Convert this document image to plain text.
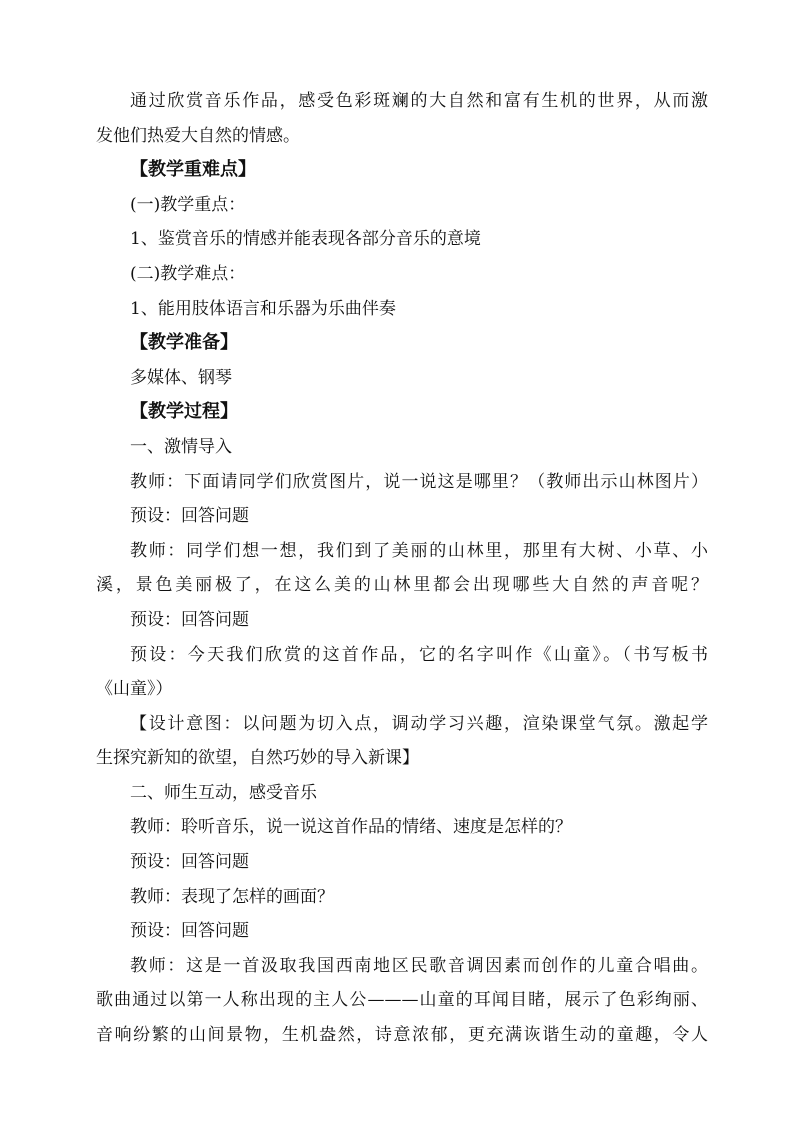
通过欣赏音乐作品，感受色彩斑斓的大自然和富有生机的世界，从而激

发他们热爱大自然的情感。

【教学重难点】

(一)教学重点：

1、鉴赏音乐的情感并能表现各部分音乐的意境

(二)教学难点：

1、能用肢体语言和乐器为乐曲伴奏

【教学准备】

多媒体、钢琴

【教学过程】

一、激情导入

教师：下面请同学们欣赏图片，说一说这是哪里？（教师出示山林图片）

预设：回答问题

教师：同学们想一想，我们到了美丽的山林里，那里有大树、小草、小

溪，景色美丽极了，在这么美的山林里都会出现哪些大自然的声音呢？

预设：回答问题

预设：今天我们欣赏的这首作品，它的名字叫作《山童》。（书写板书

《山童》）

【设计意图：以问题为切入点，调动学习兴趣，渲染课堂气氛。激起学

生探究新知的欲望，自然巧妙的导入新课】

二、师生互动，感受音乐

教师：聆听音乐，说一说这首作品的情绪、速度是怎样的？

预设：回答问题

教师：表现了怎样的画面？

预设：回答问题

教师：这是一首汲取我国西南地区民歌音调因素而创作的儿童合唱曲。

歌曲通过以第一人称出现的主人公———山童的耳闻目睹，展示了色彩绚丽、

音响纷繁的山间景物，生机盎然，诗意浓郁，更充满诙谐生动的童趣，令人
